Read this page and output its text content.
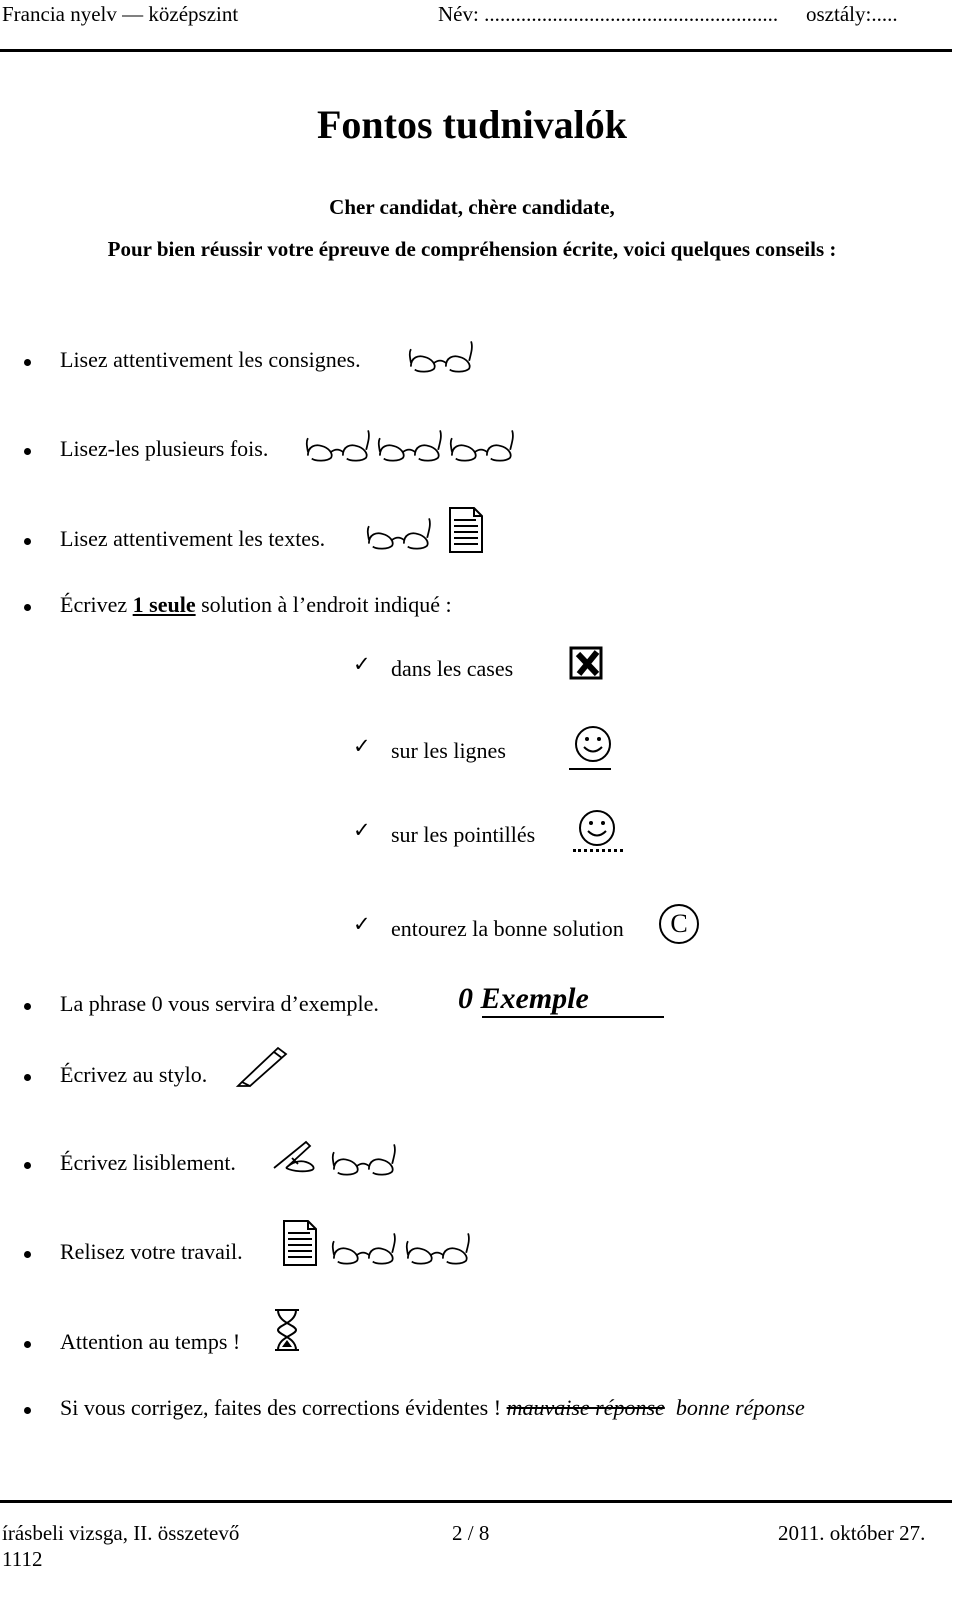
Francia nyelv — középszint	Név: ........................................................ osztály:.....
Fontos tudnivalók
Cher candidat, chère candidate,
Pour bien réussir votre épreuve de compréhension écrite, voici quelques conseils :
Lisez attentivement les consignes.
Lisez-les plusieurs fois.
Lisez attentivement les textes.
Écrivez 1 seule solution à l’endroit indiqué :
✓ dans les cases
✓ sur les lignes
✓ sur les pointillés
✓ entourez la bonne solution	C
La phrase 0 vous servira d’exemple.	0 Exemple
Écrivez au stylo.
Écrivez lisiblement.
Relisez votre travail.
Attention au temps !
Si vous corrigez, faites des corrections évidentes ! mauvaise réponse bonne réponse
írásbeli vizsga, II. összetevő
1112
2 / 8	2011. október 27.
